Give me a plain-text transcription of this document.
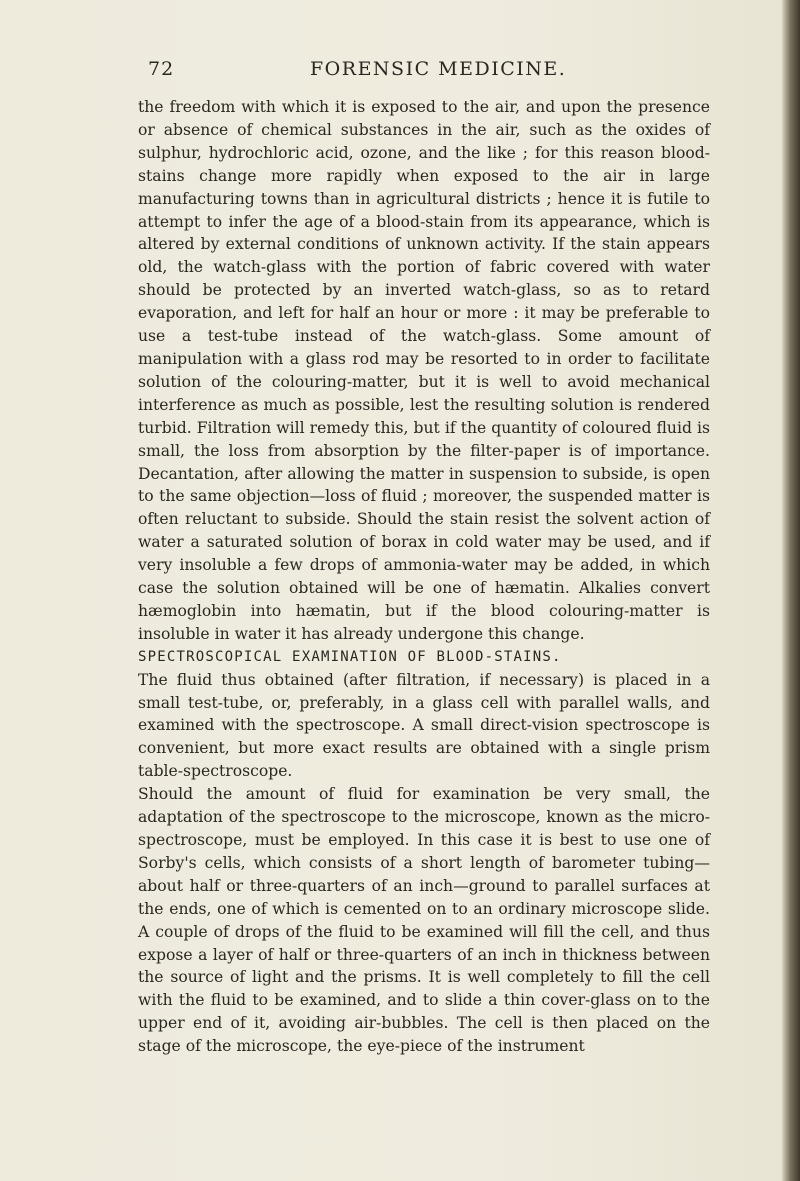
72	FORENSIC MEDICINE.

the freedom with which it is exposed to the air, and upon the presence or absence of chemical substances in the air, such as the oxides of sulphur, hydrochloric acid, ozone, and the like ; for this reason blood-stains change more rapidly when exposed to the air in large manufacturing towns than in agricultural districts ; hence it is futile to attempt to infer the age of a blood-stain from its appearance, which is altered by external conditions of unknown activity. If the stain appears old, the watch-glass with the portion of fabric covered with water should be protected by an inverted watch-glass, so as to retard evaporation, and left for half an hour or more : it may be preferable to use a test-tube instead of the watch-glass. Some amount of manipulation with a glass rod may be resorted to in order to facilitate solution of the colouring-matter, but it is well to avoid mechanical interference as much as possible, lest the resulting solution is rendered turbid. Filtration will remedy this, but if the quantity of coloured fluid is small, the loss from absorption by the filter-paper is of importance. Decantation, after allowing the matter in suspension to subside, is open to the same objection—loss of fluid ; moreover, the suspended matter is often reluctant to subside. Should the stain resist the solvent action of water a saturated solution of borax in cold water may be used, and if very insoluble a few drops of ammonia-water may be added, in which case the solution obtained will be one of hæmatin. Alkalies convert hæmoglobin into hæmatin, but if the blood colouring-matter is insoluble in water it has already undergone this change.

SPECTROSCOPICAL EXAMINATION OF BLOOD-STAINS.

The fluid thus obtained (after filtration, if necessary) is placed in a small test-tube, or, preferably, in a glass cell with parallel walls, and examined with the spectroscope. A small direct-vision spectroscope is convenient, but more exact results are obtained with a single prism table-spectroscope.

Should the amount of fluid for examination be very small, the adaptation of the spectroscope to the microscope, known as the micro-spectroscope, must be employed. In this case it is best to use one of Sorby's cells, which consists of a short length of barometer tubing—about half or three-quarters of an inch—ground to parallel surfaces at the ends, one of which is cemented on to an ordinary microscope slide. A couple of drops of the fluid to be examined will fill the cell, and thus expose a layer of half or three-quarters of an inch in thickness between the source of light and the prisms. It is well completely to fill the cell with the fluid to be examined, and to slide a thin cover-glass on to the upper end of it, avoiding air-bubbles. The cell is then placed on the stage of the microscope, the eye-piece of the instrument
